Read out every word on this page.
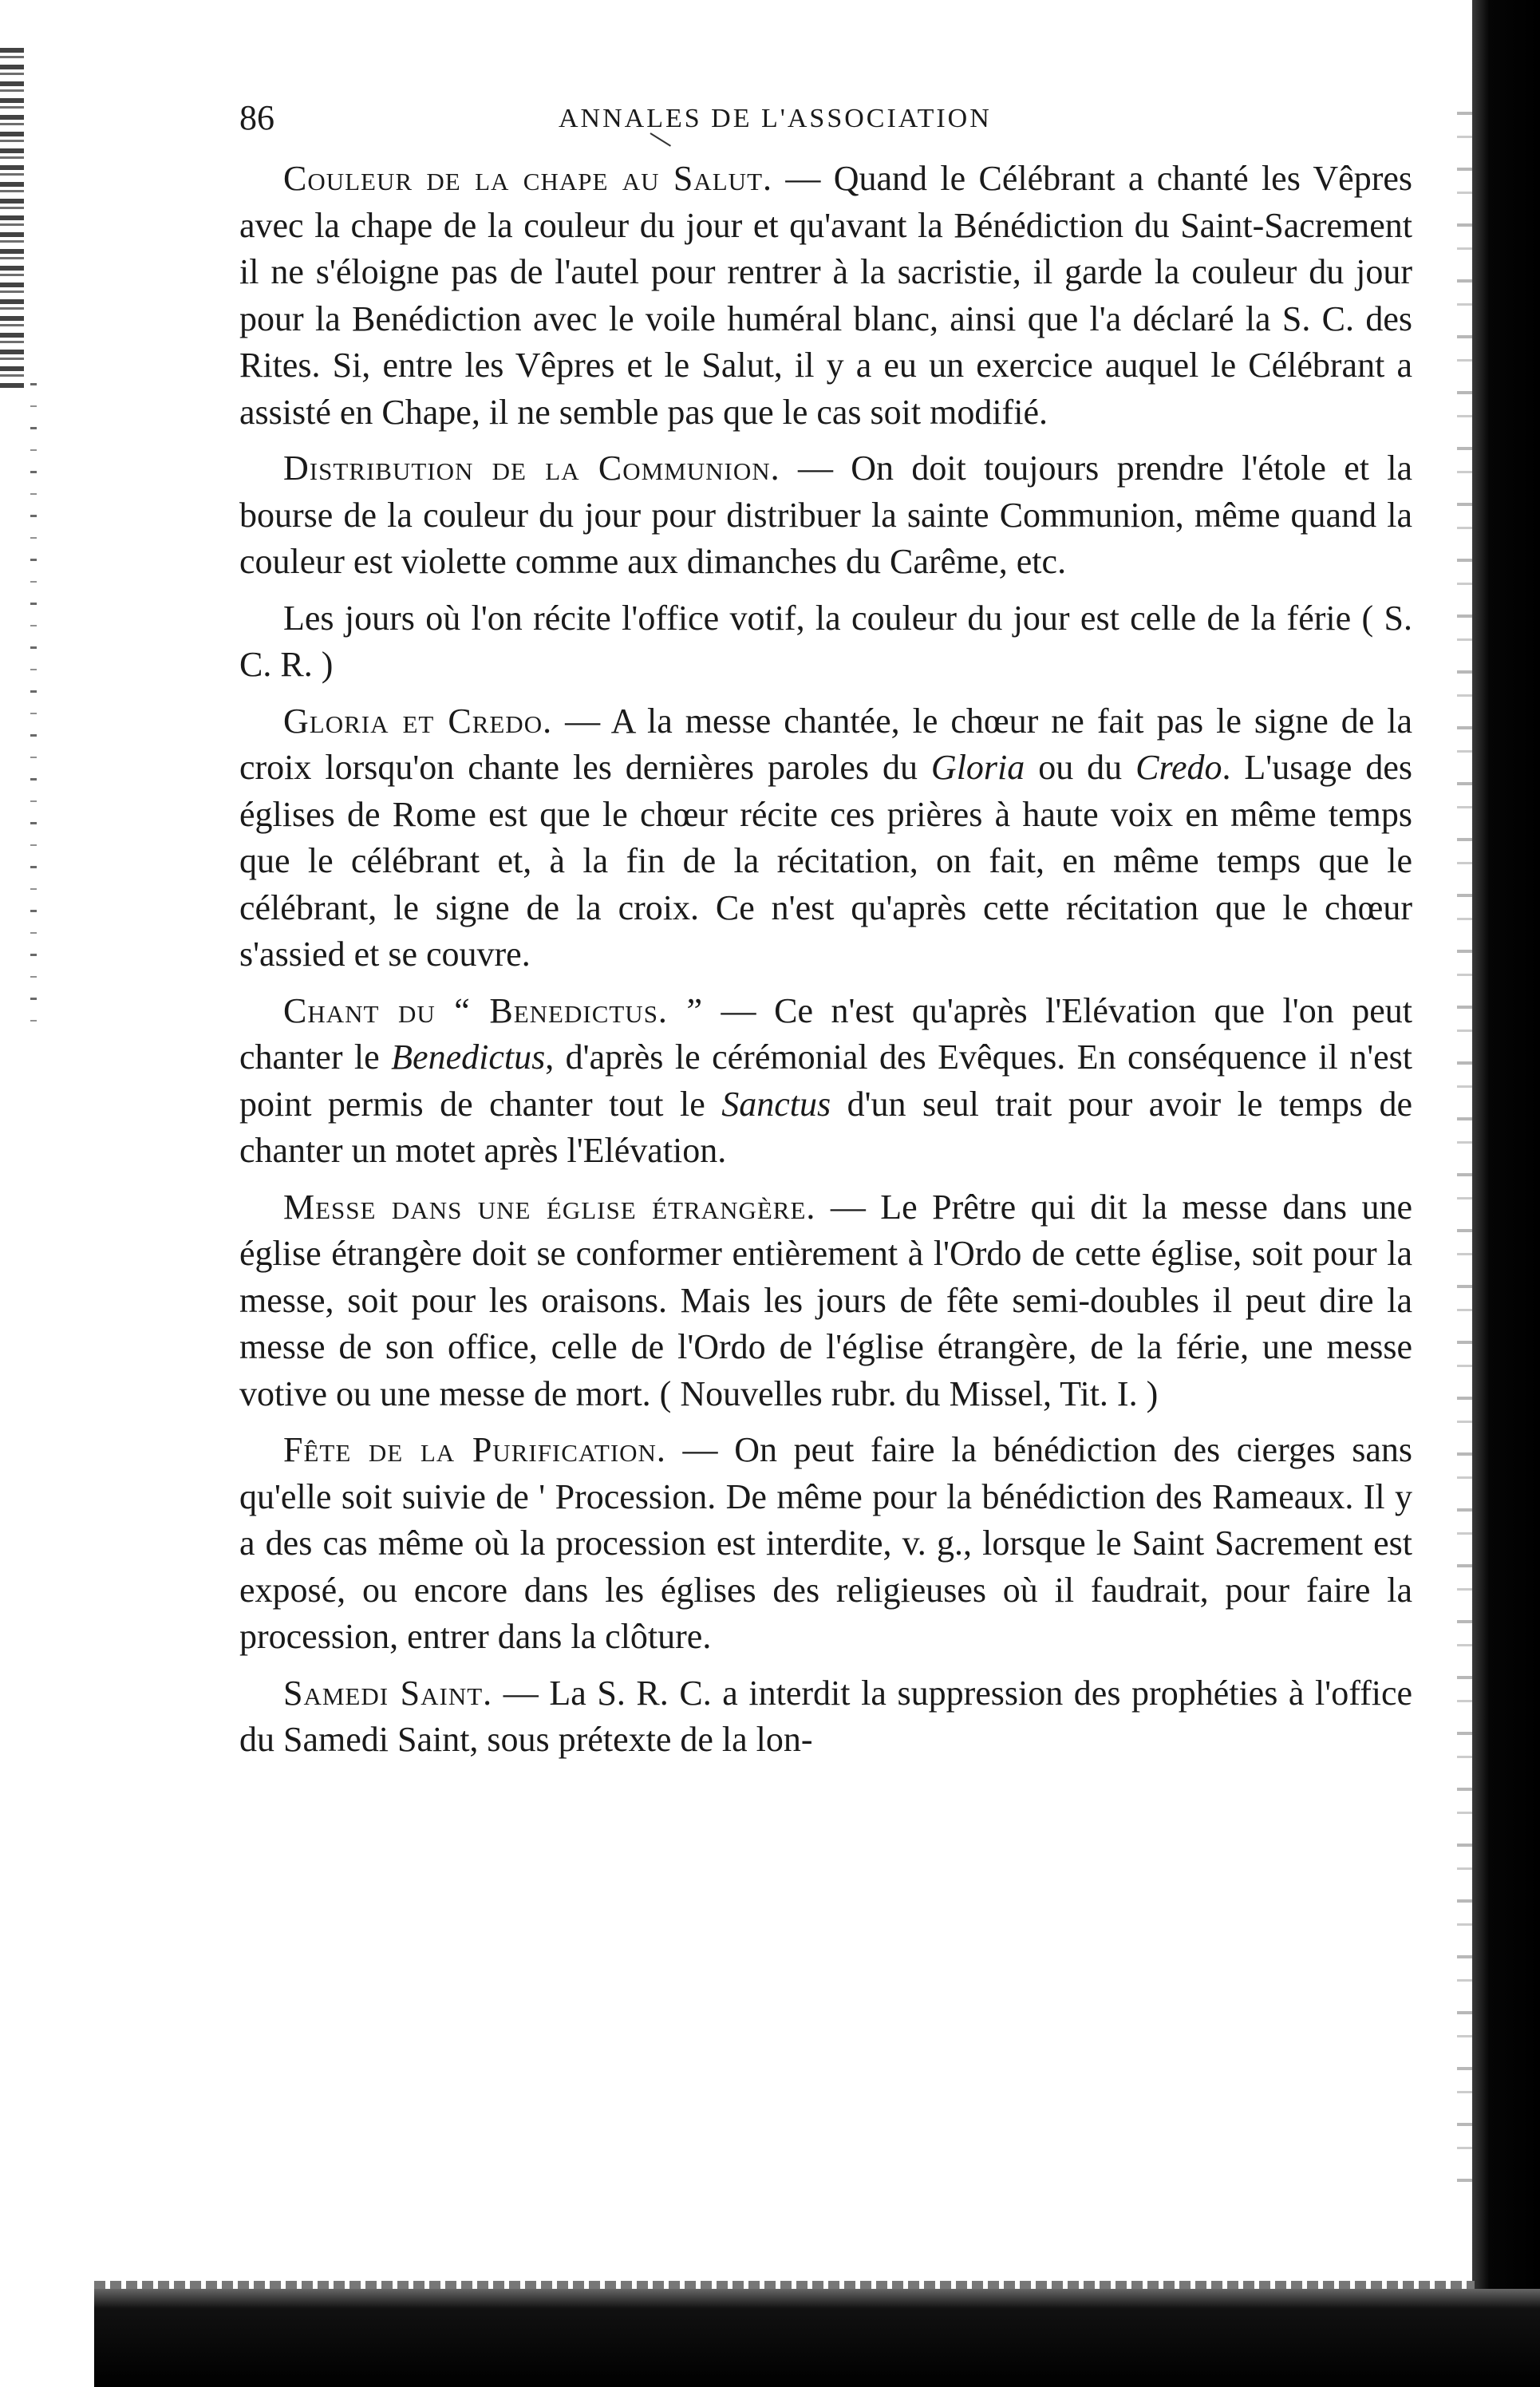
86	ANNALES DE L'ASSOCIATION

Couleur de la chape au Salut. — Quand le Célébrant a chanté les Vêpres avec la chape de la couleur du jour et qu'avant la Bénédiction du Saint-Sacrement il ne s'éloigne pas de l'autel pour rentrer à la sacristie, il garde la couleur du jour pour la Benédiction avec le voile huméral blanc, ainsi que l'a déclaré la S. C. des Rites. Si, entre les Vêpres et le Salut, il y a eu un exercice auquel le Célébrant a assisté en Chape, il ne semble pas que le cas soit modifié.

Distribution de la Communion. — On doit toujours prendre l'étole et la bourse de la couleur du jour pour distribuer la sainte Communion, même quand la couleur est violette comme aux dimanches du Carême, etc.

Les jours où l'on récite l'office votif, la couleur du jour est celle de la férie ( S. C. R. )

Gloria et Credo. — A la messe chantée, le chœur ne fait pas le signe de la croix lorsqu'on chante les dernières paroles du Gloria ou du Credo. L'usage des églises de Rome est que le chœur récite ces prières à haute voix en même temps que le célébrant et, à la fin de la récitation, on fait, en même temps que le célébrant, le signe de la croix. Ce n'est qu'après cette récitation que le chœur s'assied et se couvre.

Chant du “ Benedictus. ” — Ce n'est qu'après l'Elévation que l'on peut chanter le Benedictus, d'après le cérémonial des Evêques. En conséquence il n'est point permis de chanter tout le Sanctus d'un seul trait pour avoir le temps de chanter un motet après l'Elévation.

Messe dans une église étrangère. — Le Prêtre qui dit la messe dans une église étrangère doit se conformer entièrement à l'Ordo de cette église, soit pour la messe, soit pour les oraisons. Mais les jours de fête semi-doubles il peut dire la messe de son office, celle de l'Ordo de l'église étrangère, de la férie, une messe votive ou une messe de mort. ( Nouvelles rubr. du Missel, Tit. I. )

Fête de la Purification. — On peut faire la bénédiction des cierges sans qu'elle soit suivie de ' Procession. De même pour la bénédiction des Rameaux. Il y a des cas même où la procession est interdite, v. g., lorsque le Saint Sacrement est exposé, ou encore dans les églises des religieuses où il faudrait, pour faire la procession, entrer dans la clôture.

Samedi Saint. — La S. R. C. a interdit la suppression des prophéties à l'office du Samedi Saint, sous prétexte de la lon-
